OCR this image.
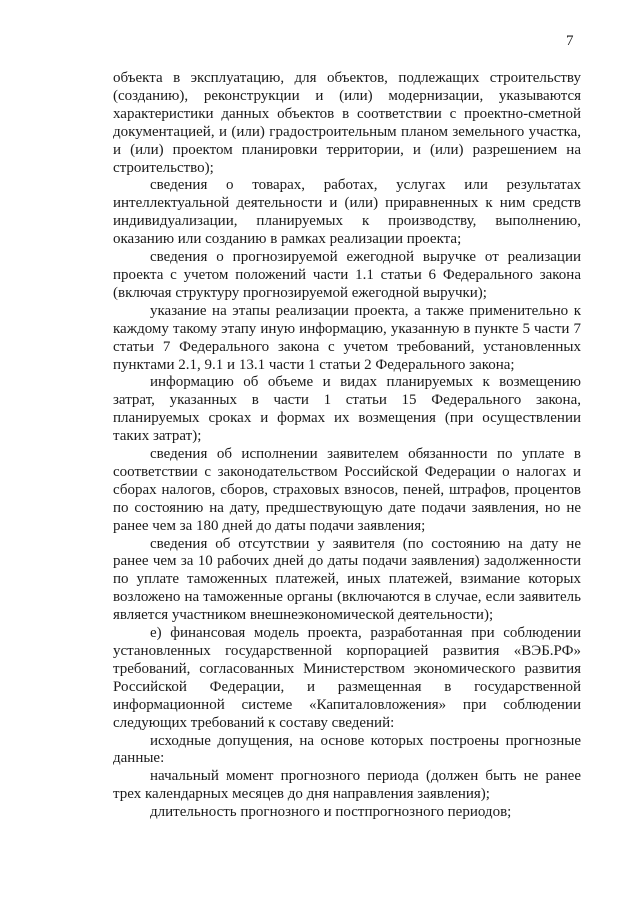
7

объекта в эксплуатацию, для объектов, подлежащих строительству (созданию), реконструкции и (или) модернизации, указываются характеристики данных объектов в соответствии с проектно-сметной документацией, и (или) градостроительным планом земельного участка, и (или) проектом планировки территории, и (или) разрешением на строительство);

сведения о товарах, работах, услугах или результатах интеллектуальной деятельности и (или) приравненных к ним средств индивидуализации, планируемых к производству, выполнению, оказанию или созданию в рамках реализации проекта;

сведения о прогнозируемой ежегодной выручке от реализации проекта с учетом положений части 1.1 статьи 6 Федерального закона (включая структуру прогнозируемой ежегодной выручки);

указание на этапы реализации проекта, а также применительно к каждому такому этапу иную информацию, указанную в пункте 5 части 7 статьи 7 Федерального закона с учетом требований, установленных пунктами 2.1, 9.1 и 13.1 части 1 статьи 2 Федерального закона;

информацию об объеме и видах планируемых к возмещению затрат, указанных в части 1 статьи 15 Федерального закона, планируемых сроках и формах их возмещения (при осуществлении таких затрат);

сведения об исполнении заявителем обязанности по уплате в соответствии с законодательством Российской Федерации о налогах и сборах налогов, сборов, страховых взносов, пеней, штрафов, процентов по состоянию на дату, предшествующую дате подачи заявления, но не ранее чем за 180 дней до даты подачи заявления;

сведения об отсутствии у заявителя (по состоянию на дату не ранее чем за 10 рабочих дней до даты подачи заявления) задолженности по уплате таможенных платежей, иных платежей, взимание которых возложено на таможенные органы (включаются в случае, если заявитель является участником внешнеэкономической деятельности);

е) финансовая модель проекта, разработанная при соблюдении установленных государственной корпорацией развития «ВЭБ.РФ» требований, согласованных Министерством экономического развития Российской Федерации, и размещенная в государственной информационной системе «Капиталовложения» при соблюдении следующих требований к составу сведений:

исходные допущения, на основе которых построены прогнозные данные:

начальный момент прогнозного периода (должен быть не ранее трех календарных месяцев до дня направления заявления);

длительность прогнозного и постпрогнозного периодов;
